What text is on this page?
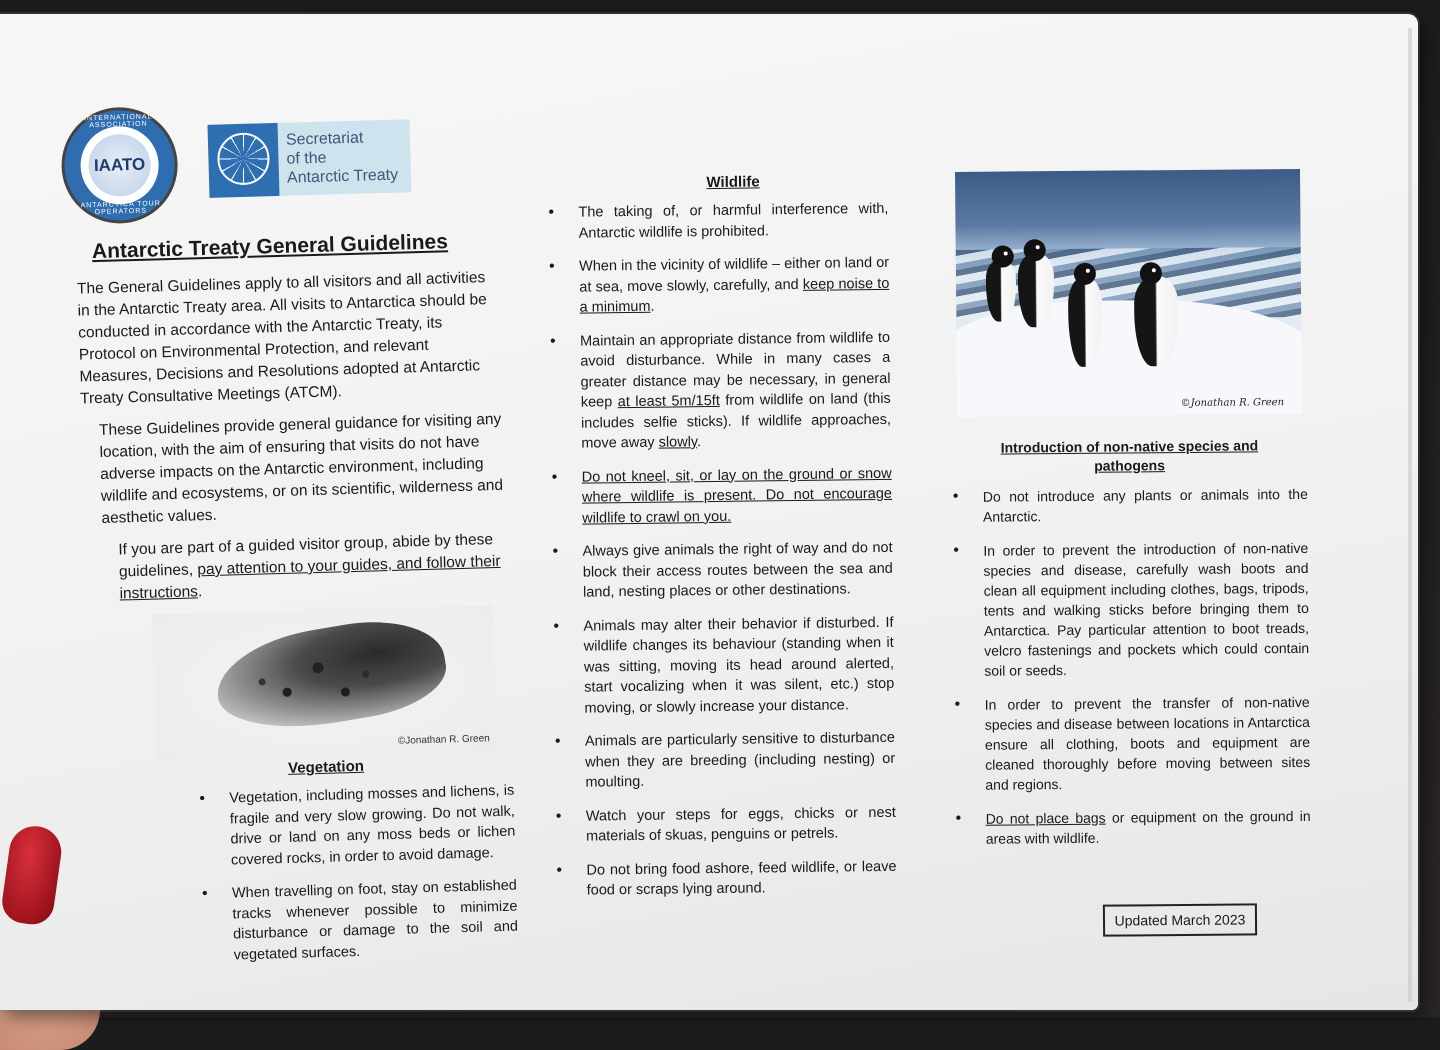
INTERNATIONAL ASSOCIATION
IAATO
ANTARCTICA TOUR OPERATORS
Secretariat
of the
Antarctic Treaty
Antarctic Treaty General Guidelines

The General Guidelines apply to all visitors and all activities in the Antarctic Treaty area. All visits to Antarctica should be conducted in accordance with the Antarctic Treaty, its Protocol on Environmental Protection, and relevant Measures, Decisions and Resolutions adopted at Antarctic Treaty Consultative Meetings (ATCM).

These Guidelines provide general guidance for visiting any location, with the aim of ensuring that visits do not have adverse impacts on the Antarctic environment, including wildlife and ecosystems, or on its scientific, wilderness and aesthetic values.

If you are part of a guided visitor group, abide by these guidelines, pay attention to your guides, and follow their instructions.

©Jonathan R. Green
Vegetation
• Vegetation, including mosses and lichens, is fragile and very slow growing. Do not walk, drive or land on any moss beds or lichen covered rocks, in order to avoid damage.
• When travelling on foot, stay on established tracks whenever possible to minimize disturbance or damage to the soil and vegetated surfaces.
Wildlife
• The taking of, or harmful interference with, Antarctic wildlife is prohibited.
• When in the vicinity of wildlife – either on land or at sea, move slowly, carefully, and keep noise to a minimum.
• Maintain an appropriate distance from wildlife to avoid disturbance. While in many cases a greater distance may be necessary, in general keep at least 5m/15ft from wildlife on land (this includes selfie sticks). If wildlife approaches, move away slowly.
• Do not kneel, sit, or lay on the ground or snow where wildlife is present. Do not encourage wildlife to crawl on you.
• Always give animals the right of way and do not block their access routes between the sea and land, nesting places or other destinations.
• Animals may alter their behavior if disturbed. If wildlife changes its behaviour (standing when it was sitting, moving its head around alerted, start vocalizing when it was silent, etc.) stop moving, or slowly increase your distance.
• Animals are particularly sensitive to disturbance when they are breeding (including nesting) or moulting.
• Watch your steps for eggs, chicks or nest materials of skuas, penguins or petrels.
• Do not bring food ashore, feed wildlife, or leave food or scraps lying around.
©Jonathan R. Green
Introduction of non-native species and pathogens
• Do not introduce any plants or animals into the Antarctic.
• In order to prevent the introduction of non-native species and disease, carefully wash boots and clean all equipment including clothes, bags, tripods, tents and walking sticks before bringing them to Antarctica. Pay particular attention to boot treads, velcro fastenings and pockets which could contain soil or seeds.
• In order to prevent the transfer of non-native species and disease between locations in Antarctica ensure all clothing, boots and equipment are cleaned thoroughly before moving between sites and regions.
• Do not place bags or equipment on the ground in areas with wildlife.
Updated March 2023
